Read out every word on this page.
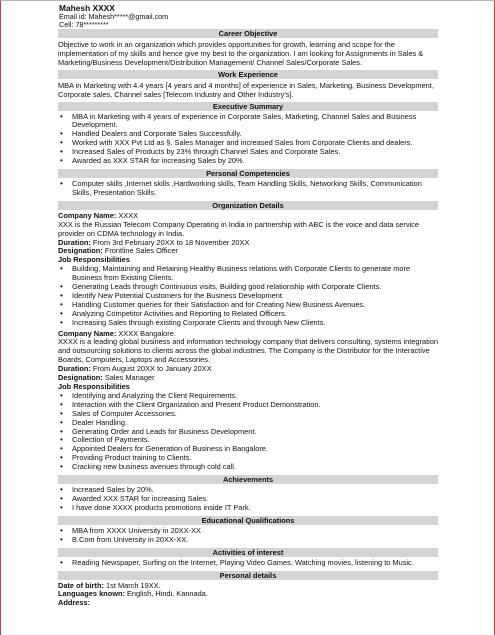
Mahesh XXXX
Email id: Mahesh*****@gmail.com
Cell: 78*********
Career Objective
Objective to work in an organization which provides opportunities for growth, learning and scope for the implementation of my skills and hence give my best to the organization. I am looking for Assignments in Sales & Marketing/Business Development/Distribution Management/ Channel Sales/Corporate Sales.
Work Experience
MBA in Marketing with 4.4 years [4 years and 4 months] of experience in Sales, Marketing, Business Development, Corporate sales, Channel sales [Telecom Industry and Other Industry's].
Executive Summary
• MBA in Marketing with 4 years of experience in Corporate Sales, Marketing, Channel Sales and Business Development.
• Handled Dealers and Corporate Sales Successfully.
• Worked with XXX Pvt Ltd as §. Sales Manager and increased Sales from Corporate Clients and dealers.
• Increased Sales of Products by 23% through Channel Sales and Corporate Sales.
• Awarded as XXX STAR for increasing Sales by 20%.
Personal Competencies
• Computer skills ,Internet skills ,Hardworking skills, Team Handling Skills, Networking Skills, Communication Skills, Presentation Skills.
Organization Details
Company Name: XXXX
XXX is the Russian Telecom Company Operating in India in partnership with ABC is the voice and data service provider on CDMA technology in India.
Duration: From 3rd February 20XX to 18 November 20XX
Designation: Frontline Sales Officer
Job Responsibilities
• Building, Maintaining and Retaining Healthy Business relations with Corporate Clients to generate more Business from Existing Clients.
• Generating Leads through Continuous visits, Building good relationship with Corporate Clients.
• Identify New Potential Customers for the Business Development.
• Handling Customer queries for their Satisfaction and for Creating New Business Avenues.
• Analyzing Competitor Activities and Reporting to Related Officers.
• Increasing Sales through existing Corporate Clients and through New Clients.
Company Name: XXXX Bangalore.
XXXX is a leading global business and information technology company that delivers consulting, systems integration and outsourcing solutions to clients across the global industries. The Company is the Distributor for the Interactive Boards, Computers, Laptops and Accessories.
Duration: From August 20XX to January 20XX
Designation: Sales Manager
Job Responsibilities
• Identifying and Analyzing the Client Requirements.
• Interaction with the Client Organization and Present Product Demonstration.
• Sales of Computer Accessories.
• Dealer Handling.
• Generating Order and Leads for Business Development.
• Collection of Payments.
• Appointed Dealers for Generation of Business in Bangalore.
• Providing Product training to Clients.
• Cracking new business avenues through cold call.
Achievements
• Increased Sales by 20%.
• Awarded XXX STAR for increasing Sales.
• I have done XXXX products promotions inside IT Park.
Educational Qualifications
• MBA from XXXX University in 20XX-XX
• B.Com from University in 20XX-XX.
Activities of interest
• Reading Newspaper, Surfing on the Internet, Playing Video Games, Watching movies, listening to Music.
Personal details
Date of birth: 1st March 19XX.
Languages known: English, Hindi, Kannada.
Address:
